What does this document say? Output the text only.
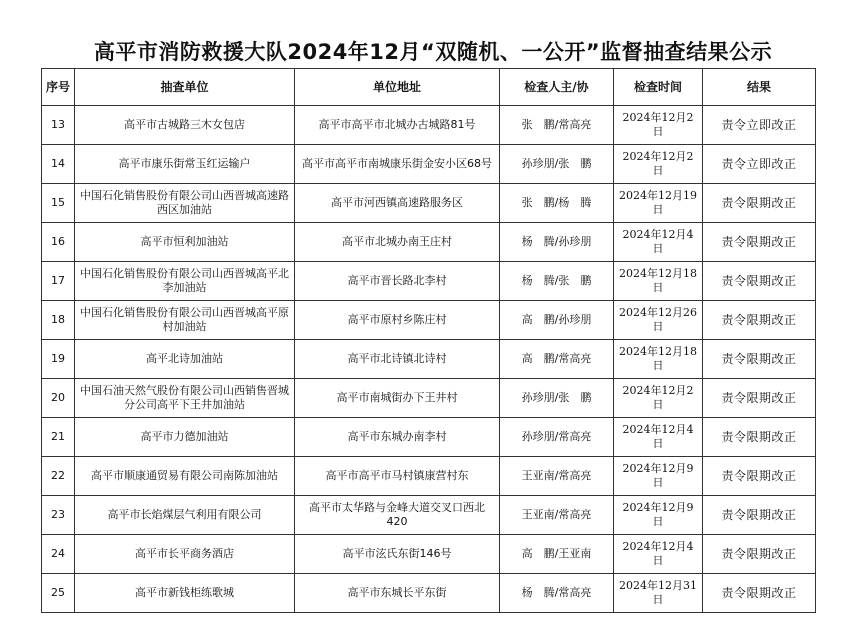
高平市消防救援大队2024年12月“双随机、一公开”监督抽查结果公示
序号	抽查单位	单位地址	检查人主/协	检查时间	结果
13	高平市古城路三木女包店	高平市高平市北城办古城路81号	张　鹏/常高亮	2024年12月2日	责令立即改正
14	高平市康乐街常玉红运输户	高平市高平市南城康乐街金安小区68号	孙珍朋/张　鹏	2024年12月2日	责令立即改正
15	中国石化销售股份有限公司山西晋城高速路西区加油站	高平市河西镇高速路服务区	张　鹏/杨　腾	2024年12月19日	责令限期改正
16	高平市恒利加油站	高平市北城办南王庄村	杨　腾/孙珍朋	2024年12月4日	责令限期改正
17	中国石化销售股份有限公司山西晋城高平北李加油站	高平市晋长路北李村	杨　腾/张　鹏	2024年12月18日	责令限期改正
18	中国石化销售股份有限公司山西晋城高平原村加油站	高平市原村乡陈庄村	高　鹏/孙珍朋	2024年12月26日	责令限期改正
19	高平北诗加油站	高平市北诗镇北诗村	高　鹏/常高亮	2024年12月18日	责令限期改正
20	中国石油天然气股份有限公司山西销售晋城分公司高平下王井加油站	高平市南城街办下王井村	孙珍朋/张　鹏	2024年12月2日	责令限期改正
21	高平市力德加油站	高平市东城办南李村	孙珍朋/常高亮	2024年12月4日	责令限期改正
22	高平市顺康通贸易有限公司南陈加油站	高平市高平市马村镇康营村东	王亚南/常高亮	2024年12月9日	责令限期改正
23	高平市长焰煤层气利用有限公司	高平市太华路与金峰大道交叉口西北420	王亚南/常高亮	2024年12月9日	责令限期改正
24	高平市长平商务酒店	高平市泫氏东街146号	高　鹏/王亚南	2024年12月4日	责令限期改正
25	高平市新钱柜练歌城	高平市东城长平东街	杨　腾/常高亮	2024年12月31日	责令限期改正
